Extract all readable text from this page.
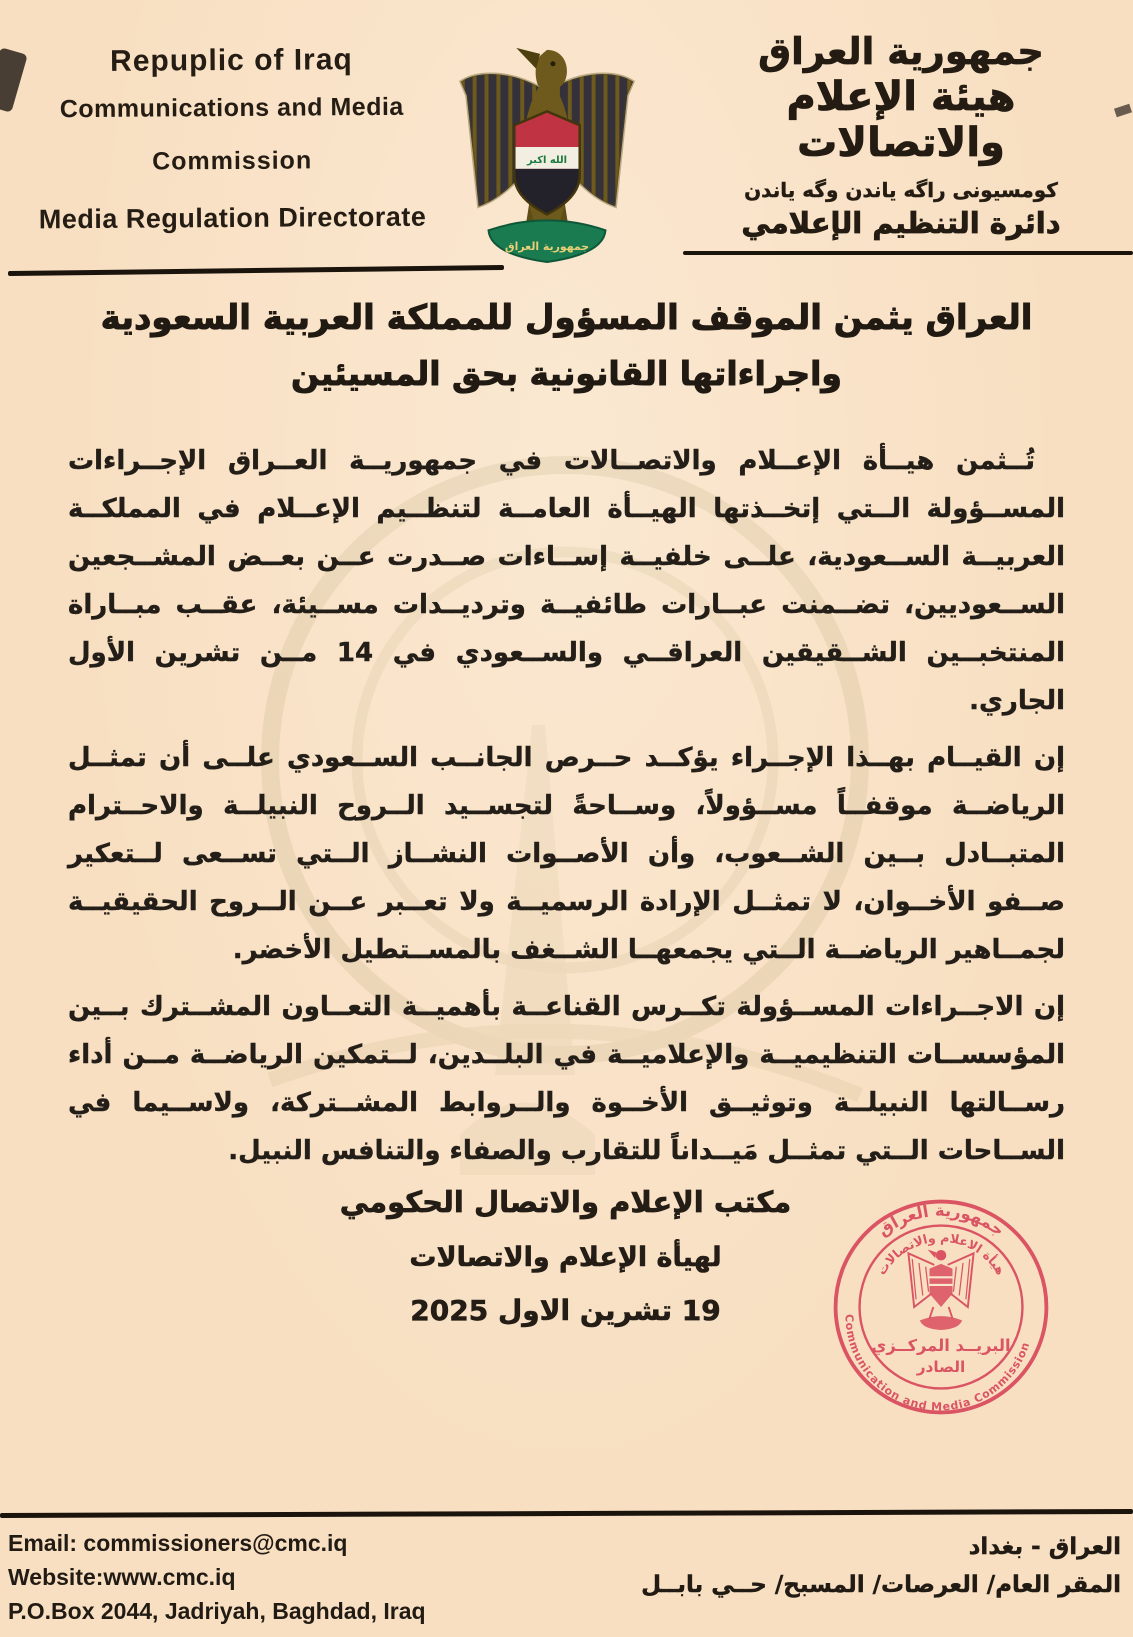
Repuplic of Iraq
Communications and Media
Commission
Media Regulation Directorate
الله اكبر
جمهورية العراق
جمهورية العراق
هيئة الإعلام والاتصالات
كومسيونى راگه ياندن وگه ياندن
دائرة التنظيم الإعلامي
العراق يثمن الموقف المسؤول للمملكة العربية السعودية
واجراءاتها القانونية بحق المسيئين

تُــثمن هيــأة الإعــلام والاتصــالات في جمهوريــة العــراق الإجــراءات المســؤولة الــتي إتخــذتها الهيــأة العامــة لتنظــيم الإعــلام في المملكــة العربيــة الســعودية، علــى خلفيــة إســاءات صــدرت عــن بعــض المشــجعين الســعوديين، تضــمنت عبــارات طائفيــة وترديــدات مســيئة، عقــب مبــاراة المنتخبــين الشــقيقين العراقــي والســعودي في 14 مــن تشرين الأول الجاري.

إن القيــام بهــذا الإجــراء يؤكــد حــرص الجانــب الســعودي علــى أن تمثــل الرياضــة موقفــاً مســؤولاً، وســاحةً لتجســيد الــروح النبيلــة والاحــترام المتبــادل بــين الشــعوب، وأن الأصــوات النشــاز الــتي تســعى لــتعكير صــفو الأخــوان، لا تمثــل الإرادة الرسميــة ولا تعــبر عــن الــروح الحقيقيــة لجمــاهير الرياضــة الــتي يجمعهــا الشــغف بالمســتطيل الأخضر.

إن الاجــراءات المســؤولة تكــرس القناعــة بأهميــة التعــاون المشــترك بــين المؤسســات التنظيميــة والإعلاميــة في البلــدين، لــتمكين الرياضــة مــن أداء رســالتها النبيلــة وتوثيــق الأخــوة والــروابط المشــتركة، ولاســيما في الســاحات الــتي تمثــل مَيــداناً للتقارب والصفاء والتنافس النبيل.

مكتب الإعلام والاتصال الحكومي
لهيأة الإعلام والاتصالات
19 تشرين الاول 2025
جمهورية العراق
هيأة الاعلام والاتصالات
Communication and Media Commission
البريــد المركــزي
الصادر
Email: commissioners@cmc.iq
Website:www.cmc.iq
P.O.Box 2044, Jadriyah, Baghdad, Iraq
العراق - بغداد
المقر العام/ العرصات/ المسبح/ حــي بابــل
